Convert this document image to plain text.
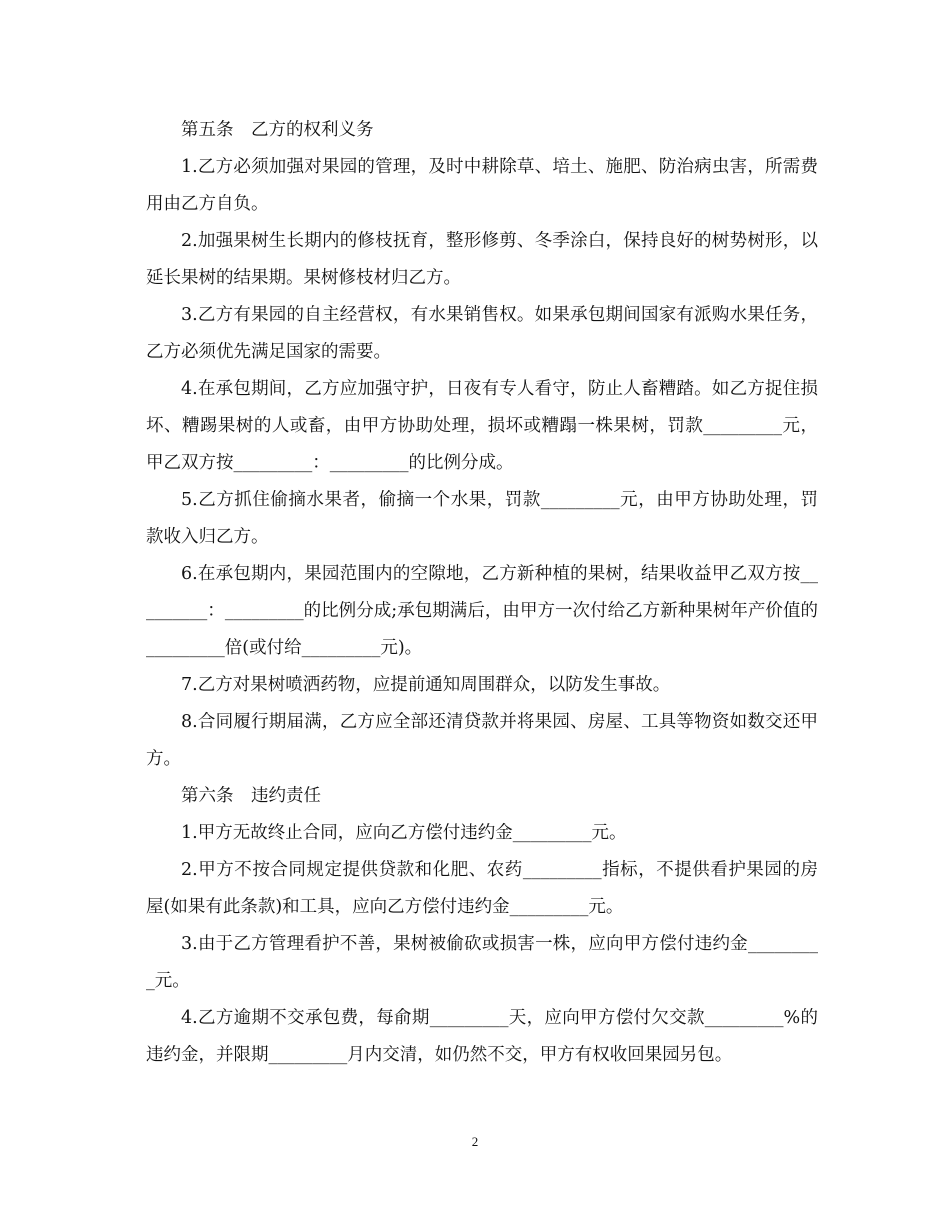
第五条　乙方的权利义务

1.乙方必须加强对果园的管理，及时中耕除草、培土、施肥、防治病虫害，所需费用由乙方自负。

2.加强果树生长期内的修枝抚育，整形修剪、冬季涂白，保持良好的树势树形，以延长果树的结果期。果树修枝材归乙方。

3.乙方有果园的自主经营权，有水果销售权。如果承包期间国家有派购水果任务，乙方必须优先满足国家的需要。

4.在承包期间，乙方应加强守护，日夜有专人看守，防止人畜糟踏。如乙方捉住损坏、糟踢果树的人或畜，由甲方协助处理，损坏或糟蹋一株果树，罚款_________元，甲乙双方按_________：_________的比例分成。

5.乙方抓住偷摘水果者，偷摘一个水果，罚款_________元，由甲方协助处理，罚款收入归乙方。

6.在承包期内，果园范围内的空隙地，乙方新种植的果树，结果收益甲乙双方按_________：_________的比例分成;承包期满后，由甲方一次付给乙方新种果树年产价值的_________倍(或付给_________元)。

7.乙方对果树喷洒药物，应提前通知周围群众，以防发生事故。

8.合同履行期届满，乙方应全部还清贷款并将果园、房屋、工具等物资如数交还甲方。

第六条　违约责任

1.甲方无故终止合同，应向乙方偿付违约金_________元。

2.甲方不按合同规定提供贷款和化肥、农药_________指标，不提供看护果园的房屋(如果有此条款)和工具，应向乙方偿付违约金_________元。

3.由于乙方管理看护不善，果树被偷砍或损害一株，应向甲方偿付违约金_________元。

4.乙方逾期不交承包费，每俞期_________天，应向甲方偿付欠交款_________%的违约金，并限期_________月内交清，如仍然不交，甲方有权收回果园另包。

2
